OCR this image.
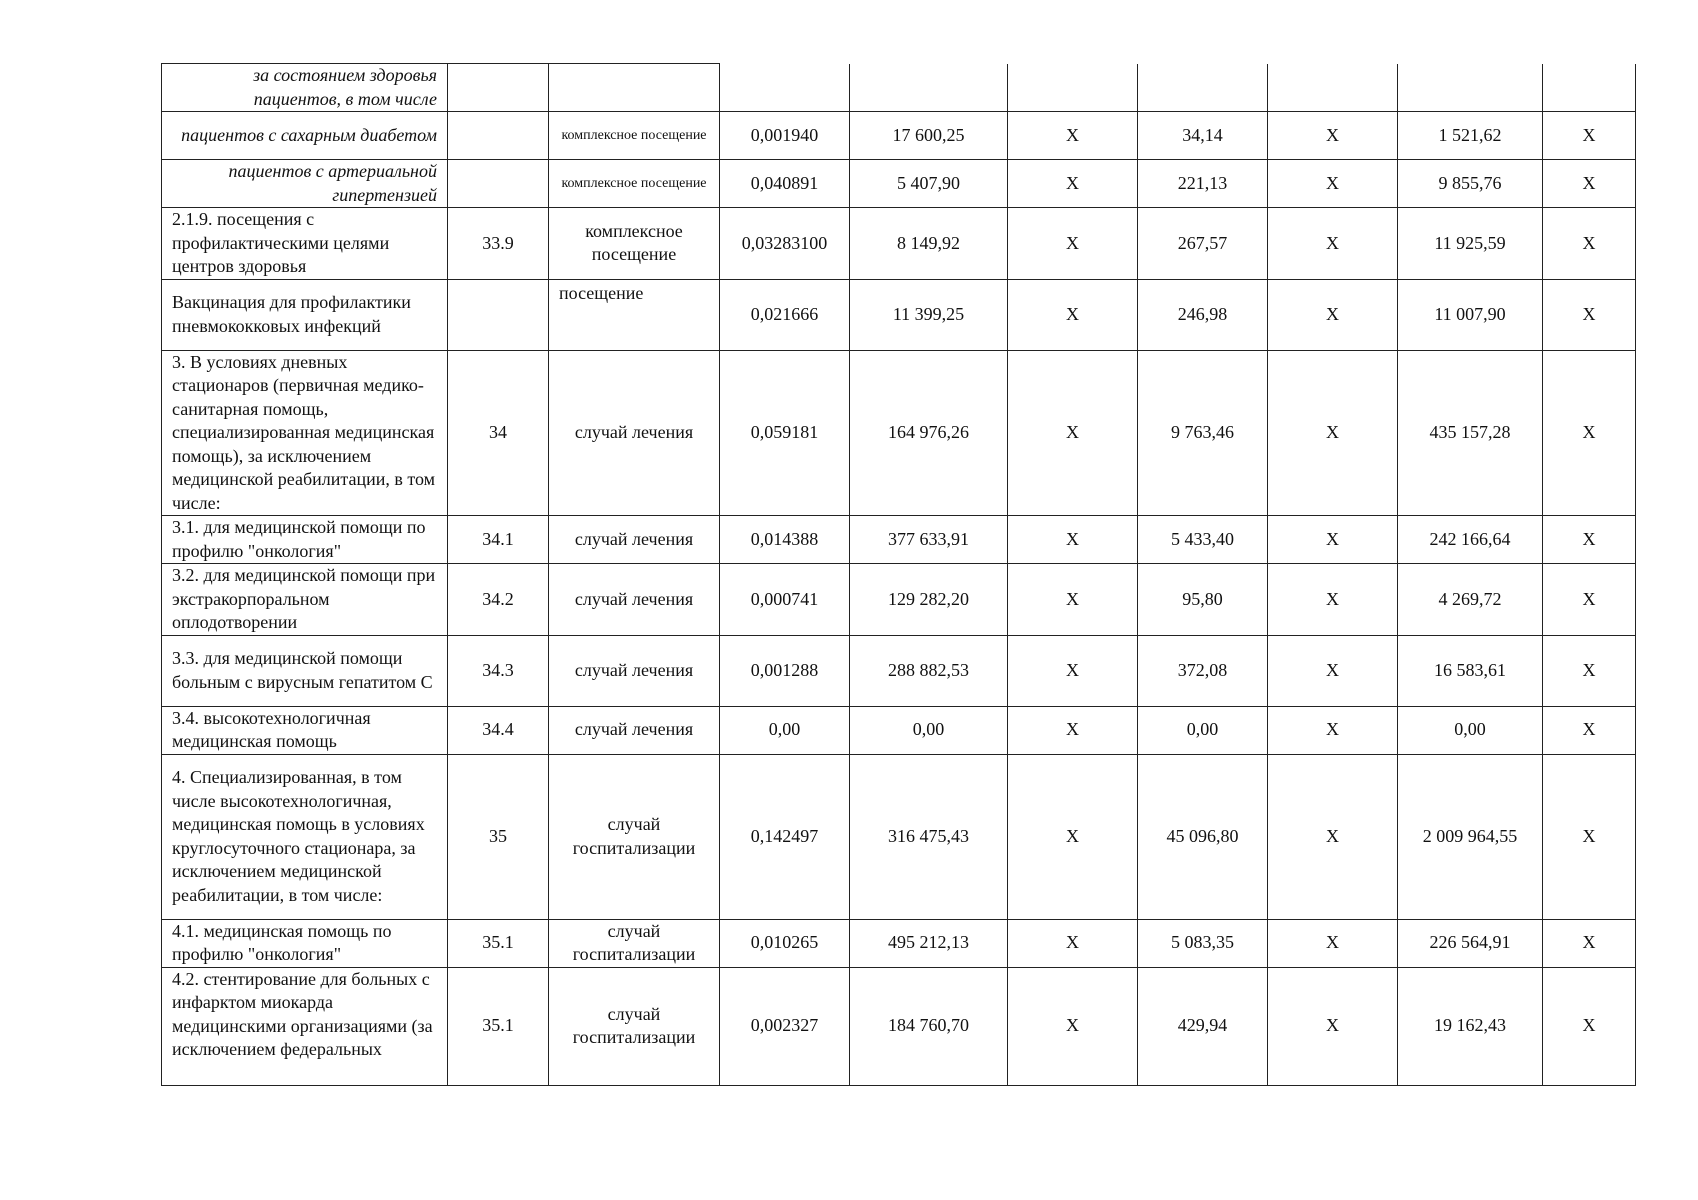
за состоянием здоровья пациентов, в том числе									
пациентов с сахарным диабетом		комплексное посещение	0,001940	17 600,25	Х	34,14	Х	1 521,62	Х
пациентов с артериальной гипертензией		комплексное посещение	0,040891	5 407,90	Х	221,13	Х	9 855,76	Х
2.1.9. посещения с профилактическими целями центров здоровья	33.9	комплексное посещение	0,03283100	8 149,92	Х	267,57	Х	11 925,59	Х
Вакцинация для профилактики пневмококковых инфекций		посещение	0,021666	11 399,25	Х	246,98	Х	11 007,90	Х
3. В условиях дневных стационаров (первичная медико-санитарная помощь, специализированная медицинская помощь), за исключением медицинской реабилитации, в том числе:	34	случай лечения	0,059181	164 976,26	Х	9 763,46	Х	435 157,28	Х
3.1. для медицинской помощи по профилю "онкология"	34.1	случай лечения	0,014388	377 633,91	Х	5 433,40	Х	242 166,64	Х
3.2. для медицинской помощи при экстракорпоральном оплодотворении	34.2	случай лечения	0,000741	129 282,20	Х	95,80	Х	4 269,72	Х
3.3. для медицинской помощи больным с вирусным гепатитом С	34.3	случай лечения	0,001288	288 882,53	Х	372,08	Х	16 583,61	Х
3.4. высокотехнологичная медицинская помощь	34.4	случай лечения	0,00	0,00	Х	0,00	Х	0,00	Х
4. Специализированная, в том числе высокотехнологичная, медицинская помощь в условиях круглосуточного стационара, за исключением медицинской реабилитации, в том числе:	35	случай госпитализации	0,142497	316 475,43	Х	45 096,80	Х	2 009 964,55	Х
4.1. медицинская помощь по профилю "онкология"	35.1	случай госпитализации	0,010265	495 212,13	Х	5 083,35	Х	226 564,91	Х
4.2. стентирование для больных с инфарктом миокарда медицинскими организациями (за исключением федеральных	35.1	случай госпитализации	0,002327	184 760,70	Х	429,94	Х	19 162,43	Х
